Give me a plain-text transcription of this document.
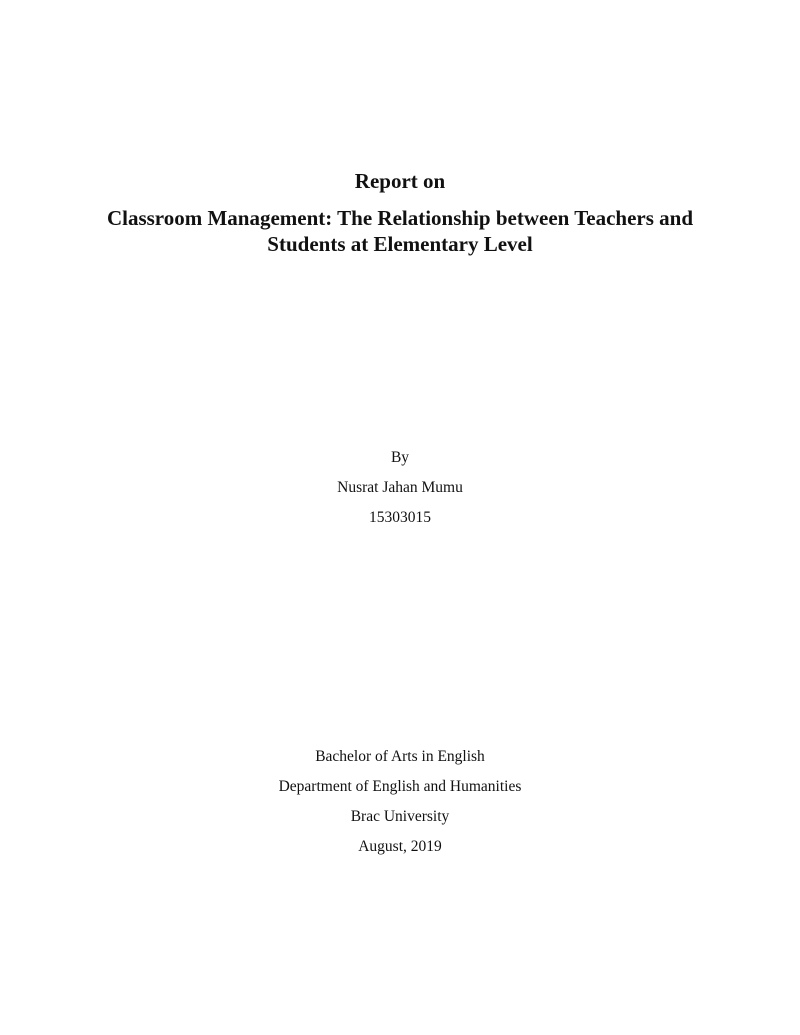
Report on
Classroom Management: The Relationship between Teachers and
Students at Elementary Level
By
Nusrat Jahan Mumu
15303015
Bachelor of Arts in English
Department of English and Humanities
Brac University
August, 2019
